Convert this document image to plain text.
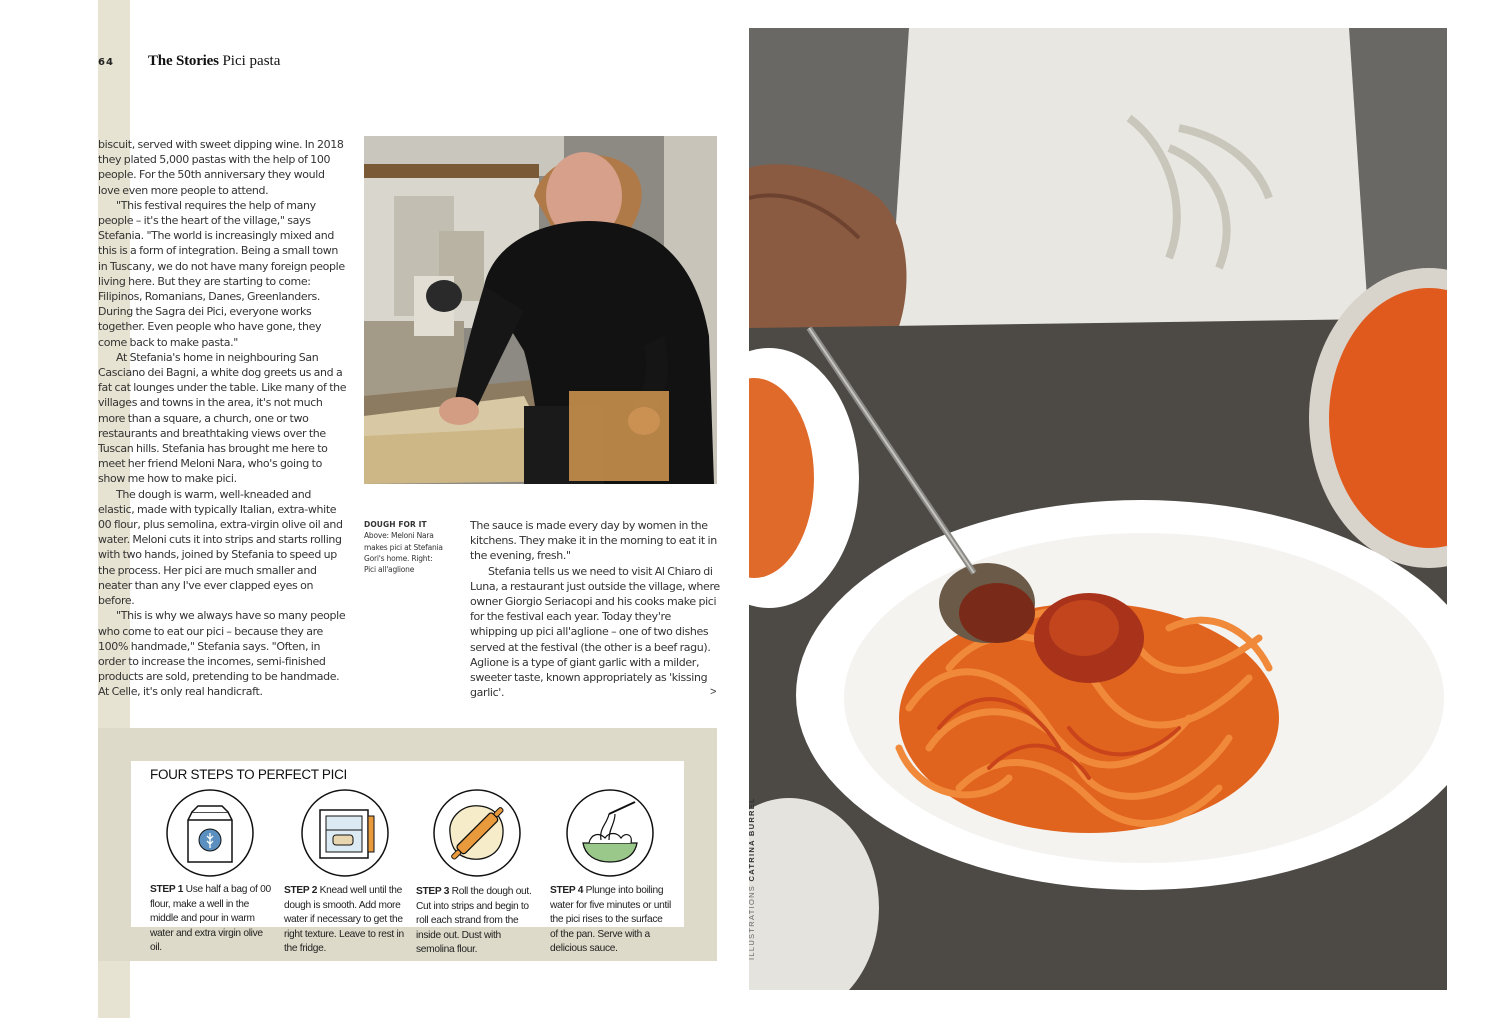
64 The Stories Pici pasta

biscuit, served with sweet dipping wine. In 2018 they plated 5,000 pastas with the help of 100 people. For the 50th anniversary they would love even more people to attend.

"This festival requires the help of many people – it's the heart of the village," says Stefania. "The world is increasingly mixed and this is a form of integration. Being a small town in Tuscany, we do not have many foreign people living here. But they are starting to come: Filipinos, Romanians, Danes, Greenlanders. During the Sagra dei Pici, everyone works together. Even people who have gone, they come back to make pasta."

At Stefania's home in neighbouring San Casciano dei Bagni, a white dog greets us and a fat cat lounges under the table. Like many of the villages and towns in the area, it's not much more than a square, a church, one or two restaurants and breathtaking views over the Tuscan hills. Stefania has brought me here to meet her friend Meloni Nara, who's going to show me how to make pici.

The dough is warm, well-kneaded and elastic, made with typically Italian, extra-white 00 flour, plus semolina, extra-virgin olive oil and water. Meloni cuts it into strips and starts rolling with two hands, joined by Stefania to speed up the process. Her pici are much smaller and neater than any I've ever clapped eyes on before.

"This is why we always have so many people who come to eat our pici – because they are 100% handmade," Stefania says. "Often, in order to increase the incomes, semi-finished products are sold, pretending to be handmade. At Celle, it's only real handicraft.

DOUGH FOR IT
Above: Meloni Nara makes pici at Stefania Gori's home. Right: Pici all'aglione

The sauce is made every day by women in the kitchens. They make it in the morning to eat it in the evening, fresh."

Stefania tells us we need to visit Al Chiaro di Luna, a restaurant just outside the village, where owner Giorgio Seriacopi and his cooks make pici for the festival each year. Today they're whipping up pici all'aglione – one of two dishes served at the festival (the other is a beef ragu). Aglione is a type of giant garlic with a milder, sweeter taste, known appropriately as 'kissing garlic'.	>
FOUR STEPS TO PERFECT PICI
STEP 1 Use half a bag of 00 flour, make a well in the middle and pour in warm water and extra virgin olive oil.
STEP 2 Knead well until the dough is smooth. Add more water if necessary to get the right texture. Leave to rest in the fridge.
STEP 3 Roll the dough out. Cut into strips and begin to roll each strand from the inside out. Dust with semolina flour.
STEP 4 Plunge into boiling water for five minutes or until the pici rises to the surface of the pan. Serve with a delicious sauce.	ILLUSTRATIONS CATRINA BURREL
